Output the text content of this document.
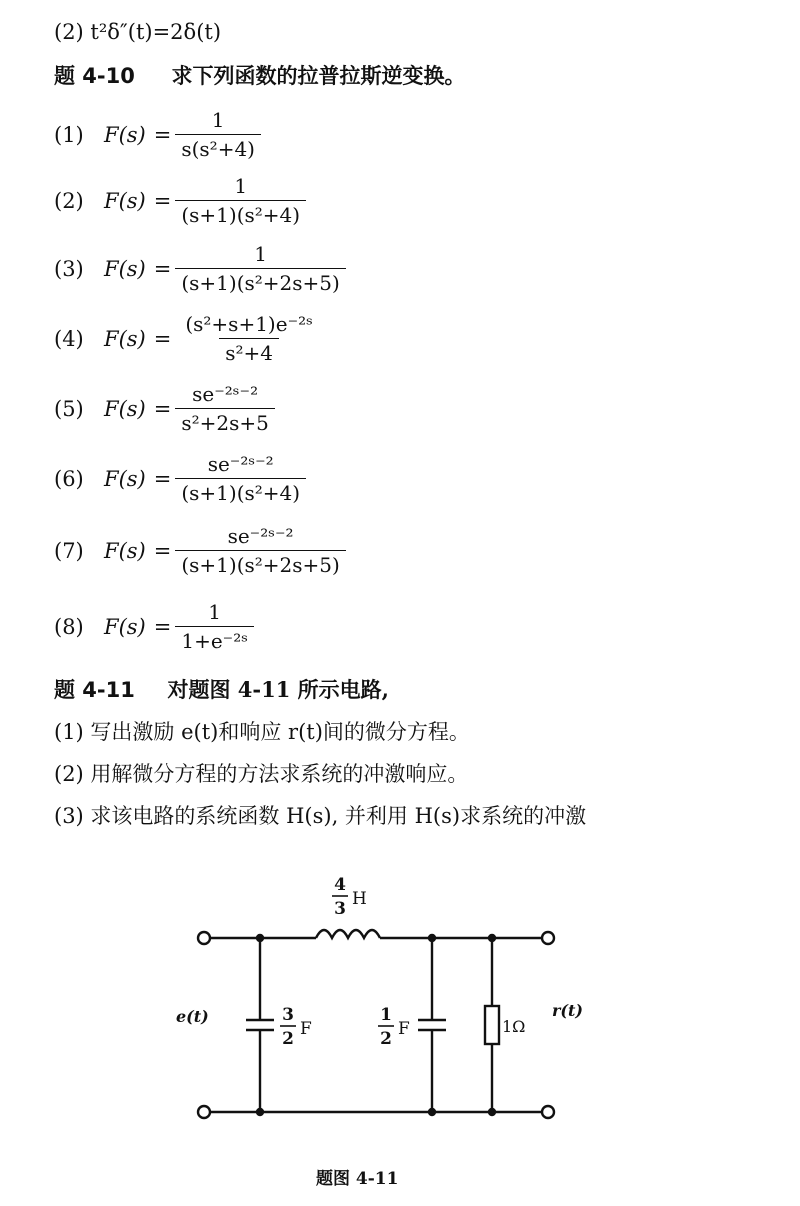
(2) t²δ″(t)=2δ(t)
题 4-10 求下列函数的拉普拉斯逆变换。
(1) $F(s) = \frac{1}{\text{s(s²+4)}}$
(2) $F(s) = \frac{1}{\text{(s+1)(s²+4)}}$
(3) $F(s) = \frac{1}{\text{(s+1)(s²+2s+5)}}$
(4) $F(s) = \frac{\text{(s²+s+1)e⁻²ˢ}}{\text{s²+4}}$
(5) $F(s) = \frac{\text{se⁻²ˢ⁻²}}{\text{s²+2s+5}}$
(6) $F(s) = \frac{\text{se⁻²ˢ⁻²}}{\text{(s+1)(s²+4)}}$
(7) $F(s) = \frac{\text{se⁻²ˢ⁻²}}{\text{(s+1)(s²+2s+5)}}$
(8) $F(s) = \frac{1}{\text{1+e⁻²ˢ}}$
题 4-11 对题图 4-11 所示电路,
(1) 写出激励 e(t)和响应 r(t)间的微分方程。
(2) 用解微分方程的方法求系统的冲激响应。
(3) 求该电路的系统函数 H(s), 并利用 H(s)求系统的冲激
4
3 H
3
2 F
1
2 F	1Ω
e(t)	r(t)
题图 4-11
